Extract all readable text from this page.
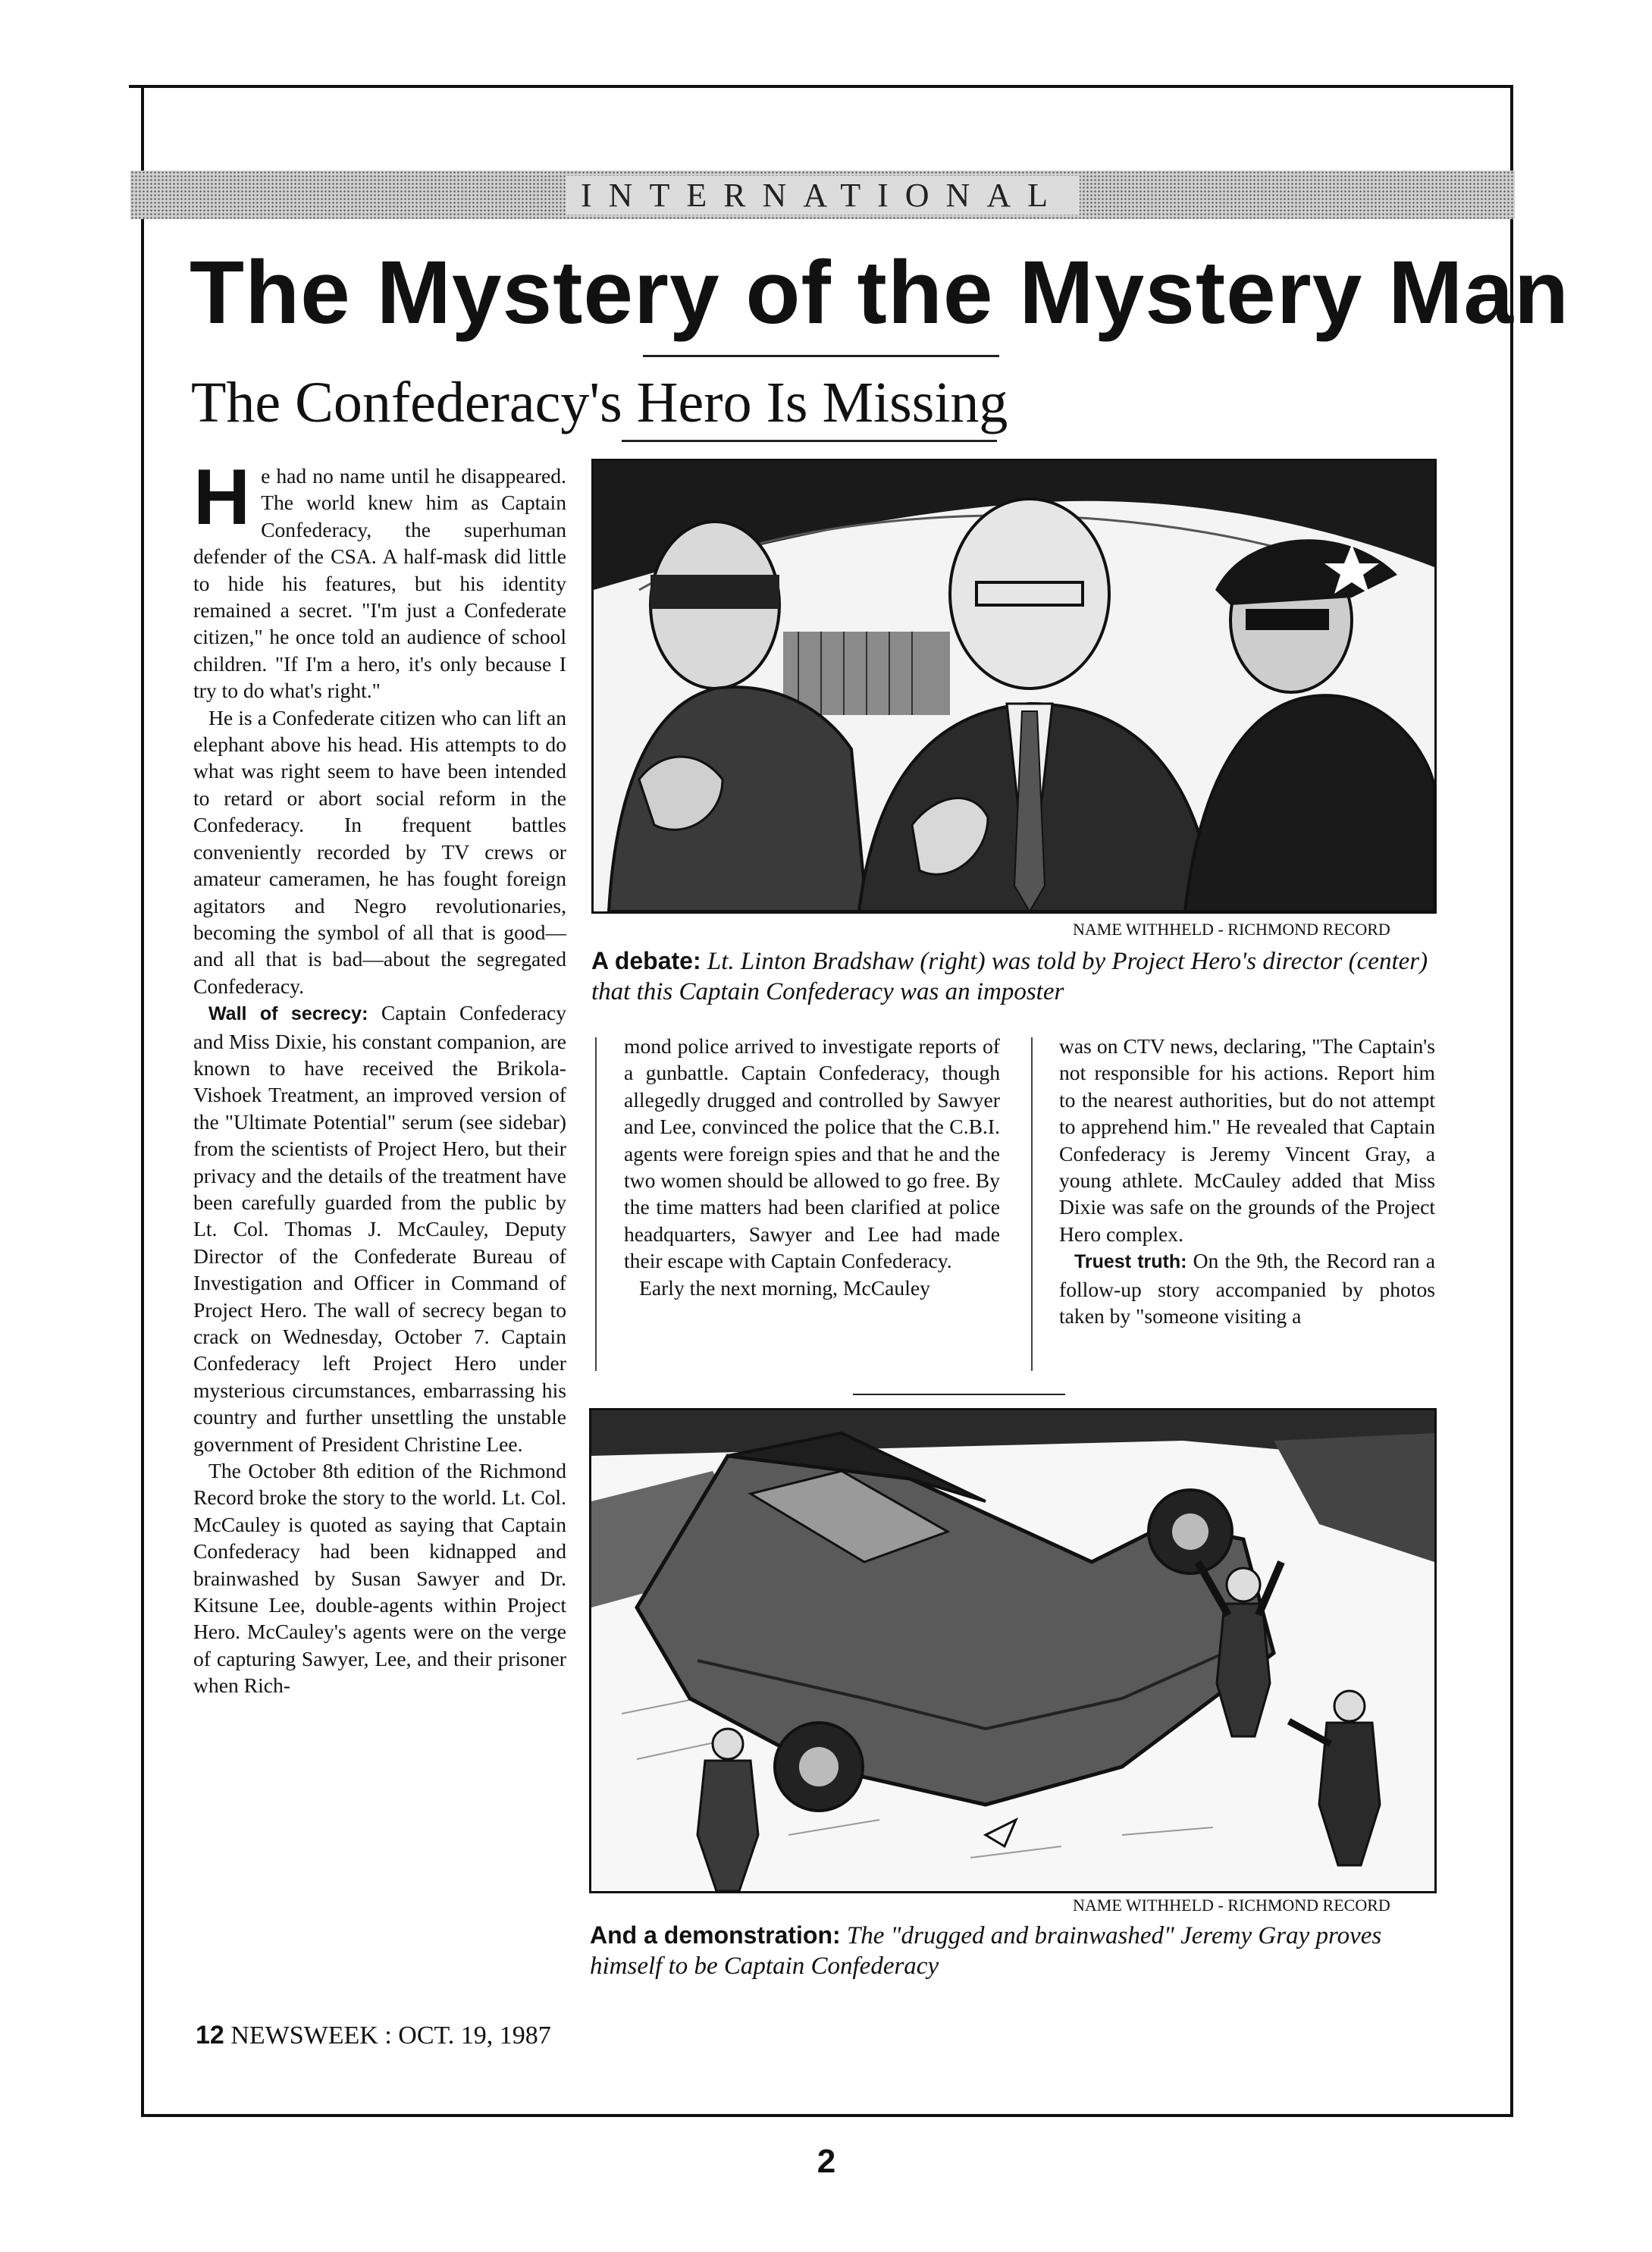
INTERNATIONAL
The Mystery of the Mystery Man
The Confederacy's Hero Is Missing

He had no name until he disappeared. The world knew him as Captain Confederacy, the superhuman defender of the CSA. A half-mask did little to hide his features, but his identity remained a secret. "I'm just a Confederate citizen," he once told an audience of school children. "If I'm a hero, it's only because I try to do what's right."

He is a Confederate citizen who can lift an elephant above his head. His attempts to do what was right seem to have been intended to retard or abort social reform in the Confederacy. In frequent battles conveniently recorded by TV crews or amateur cameramen, he has fought foreign agitators and Negro revolutionaries, becoming the symbol of all that is good—and all that is bad—about the segregated Confederacy.

Wall of secrecy: Captain Confederacy and Miss Dixie, his constant companion, are known to have received the Brikola-Vishoek Treatment, an improved version of the "Ultimate Potential" serum (see sidebar) from the scientists of Project Hero, but their privacy and the details of the treatment have been carefully guarded from the public by Lt. Col. Thomas J. McCauley, Deputy Director of the Confederate Bureau of Investigation and Officer in Command of Project Hero. The wall of secrecy began to crack on Wednesday, October 7. Captain Confederacy left Project Hero under mysterious circumstances, embarrassing his country and further unsettling the unstable government of President Christine Lee.

The October 8th edition of the Richmond Record broke the story to the world. Lt. Col. McCauley is quoted as saying that Captain Confederacy had been kidnapped and brainwashed by Susan Sawyer and Dr. Kitsune Lee, double-agents within Project Hero. McCauley's agents were on the verge of capturing Sawyer, Lee, and their prisoner when Rich-

NAME WITHHELD - RICHMOND RECORD
A debate: Lt. Linton Bradshaw (right) was told by Project Hero's director (center) that this Captain Confederacy was an imposter

mond police arrived to investigate reports of a gunbattle. Captain Confederacy, though allegedly drugged and controlled by Sawyer and Lee, convinced the police that the C.B.I. agents were foreign spies and that he and the two women should be allowed to go free. By the time matters had been clarified at police headquarters, Sawyer and Lee had made their escape with Captain Confederacy.

Early the next morning, McCauley

was on CTV news, declaring, "The Captain's not responsible for his actions. Report him to the nearest authorities, but do not attempt to apprehend him." He revealed that Captain Confederacy is Jeremy Vincent Gray, a young athlete. McCauley added that Miss Dixie was safe on the grounds of the Project Hero complex.

Truest truth: On the 9th, the Record ran a follow-up story accompanied by photos taken by "someone visiting a

NAME WITHHELD - RICHMOND RECORD
And a demonstration: The "drugged and brainwashed" Jeremy Gray proves himself to be Captain Confederacy
12 NEWSWEEK : OCT. 19, 1987
2
